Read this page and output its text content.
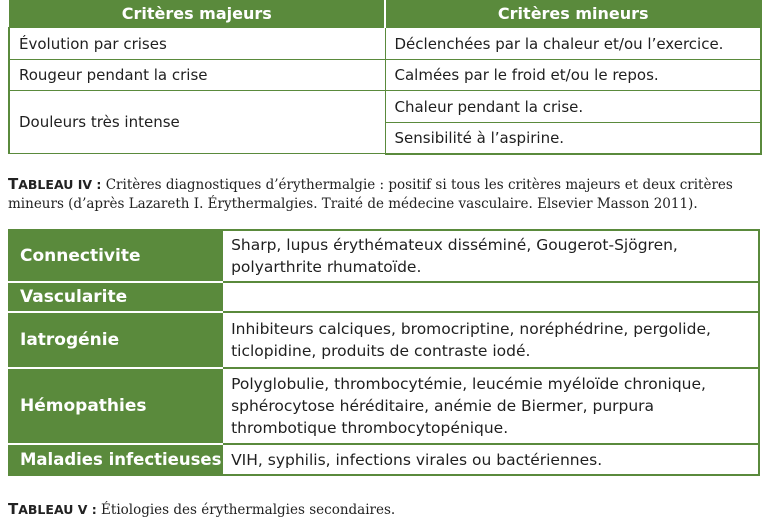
Critères majeurs	Critères mineurs
Évolution par crises	Déclenchées par la chaleur et/ou l’exercice.
Rougeur pendant la crise	Calmées par le froid et/ou le repos.
Douleurs très intense	Chaleur pendant la crise.
	Sensibilité à l’aspirine.
TABLEAU IV : Critères diagnostiques d’érythermalgie : positif si tous les critères majeurs et deux critères mineurs (d’après Lazareth I. Érythermalgies. Traité de médecine vasculaire. Elsevier Masson 2011).
Connectivite	Sharp, lupus érythémateux disséminé, Gougerot-Sjögren, polyarthrite rhumatoïde.
Vascularite	
Iatrogénie	Inhibiteurs calciques, bromocriptine, noréphédrine, pergolide, ticlopidine, produits de contraste iodé.
Hémopathies	Polyglobulie, thrombocytémie, leucémie myéloïde chronique, sphérocytose héréditaire, anémie de Biermer, purpura thrombotique thrombocytopénique.
Maladies infectieuses	VIH, syphilis, infections virales ou bactériennes.
TABLEAU V : Étiologies des érythermalgies secondaires.
